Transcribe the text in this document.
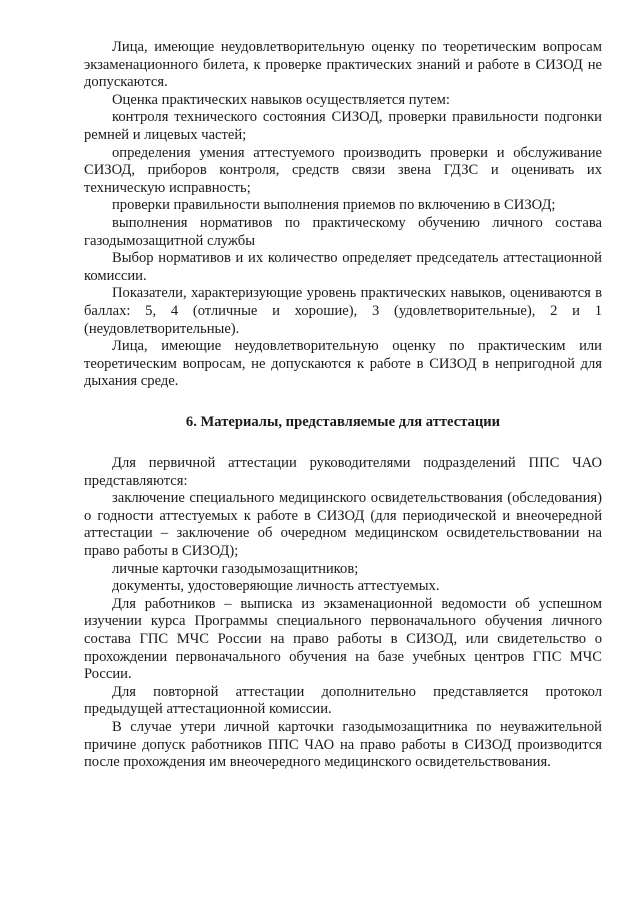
Лица, имеющие неудовлетворительную оценку по теоретическим вопросам экзаменационного билета, к проверке практических знаний и работе в СИЗОД не допускаются.

Оценка практических навыков осуществляется путем:

контроля технического состояния СИЗОД, проверки правильности подгонки ремней и лицевых частей;

определения умения аттестуемого производить проверки и обслуживание СИЗОД, приборов контроля, средств связи звена ГДЗС и оценивать их техническую исправность;

проверки правильности выполнения приемов по включению в СИЗОД;

выполнения нормативов по практическому обучению личного состава газодымозащитной службы

Выбор нормативов и их количество определяет председатель аттестационной комиссии.

Показатели, характеризующие уровень практических навыков, оцениваются в баллах: 5, 4 (отличные и хорошие), 3 (удовлетворительные), 2 и 1 (неудовлетворительные).

Лица, имеющие неудовлетворительную оценку по практическим или теоретическим вопросам, не допускаются к работе в СИЗОД в непригодной для дыхания среде.

6. Материалы, представляемые для аттестации

Для первичной аттестации руководителями подразделений ППС ЧАО представляются:

заключение специального медицинского освидетельствования (обследования) о годности аттестуемых к работе в СИЗОД (для периодической и внеочередной аттестации – заключение об очередном медицинском освидетельствовании на право работы в СИЗОД);

личные карточки газодымозащитников;

документы, удостоверяющие личность аттестуемых.

Для работников – выписка из экзаменационной ведомости об успешном изучении курса Программы специального первоначального обучения личного состава ГПС МЧС России на право работы в СИЗОД, или свидетельство о прохождении первоначального обучения на базе учебных центров ГПС МЧС России.

Для повторной аттестации дополнительно представляется протокол предыдущей аттестационной комиссии.

В случае утери личной карточки газодымозащитника по неуважительной причине допуск работников ППС ЧАО на право работы в СИЗОД производится после прохождения им внеочередного медицинского освидетельствования.
